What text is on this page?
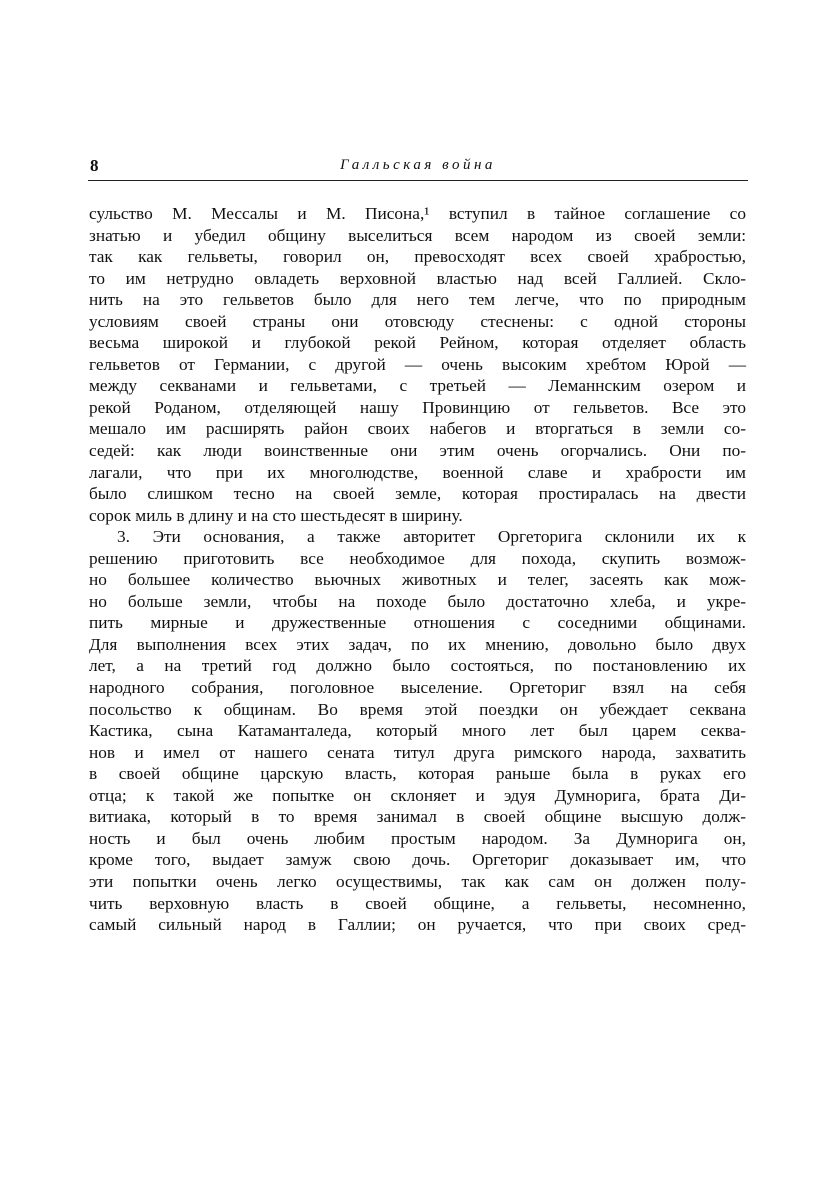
8	Галльская война
сульство М. Мессалы и М. Писона,¹ вступил в тайное соглашение со
знатью и убедил общину выселиться всем народом из своей земли:
так как гельветы, говорил он, превосходят всех своей храбростью,
то им нетрудно овладеть верховной властью над всей Галлией. Скло-
нить на это гельветов было для него тем легче, что по природным
условиям своей страны они отовсюду стеснены: с одной стороны
весьма широкой и глубокой рекой Рейном, которая отделяет область
гельветов от Германии, с другой — очень высоким хребтом Юрой —
между секванами и гельветами, с третьей — Леманнским озером и
рекой Роданом, отделяющей нашу Провинцию от гельветов. Все это
мешало им расширять район своих набегов и вторгаться в земли со-
седей: как люди воинственные они этим очень огорчались. Они по-
лагали, что при их многолюдстве, военной славе и храбрости им
было слишком тесно на своей земле, которая простиралась на двести
сорок миль в длину и на сто шестьдесят в ширину.
3. Эти основания, а также авторитет Оргеторига склонили их к
решению приготовить все необходимое для похода, скупить возмож-
но большее количество вьючных животных и телег, засеять как мож-
но больше земли, чтобы на походе было достаточно хлеба, и укре-
пить мирные и дружественные отношения с соседними общинами.
Для выполнения всех этих задач, по их мнению, довольно было двух
лет, а на третий год должно было состояться, по постановлению их
народного собрания, поголовное выселение. Оргеториг взял на себя
посольство к общинам. Во время этой поездки он убеждает секвана
Кастика, сына Катаманталеда, который много лет был царем секва-
нов и имел от нашего сената титул друга римского народа, захватить
в своей общине царскую власть, которая раньше была в руках его
отца; к такой же попытке он склоняет и эдуя Думнорига, брата Ди-
витиака, который в то время занимал в своей общине высшую долж-
ность и был очень любим простым народом. За Думнорига он,
кроме того, выдает замуж свою дочь. Оргеториг доказывает им, что
эти попытки очень легко осуществимы, так как сам он должен полу-
чить верховную власть в своей общине, а гельветы, несомненно,
самый сильный народ в Галлии; он ручается, что при своих сред-
